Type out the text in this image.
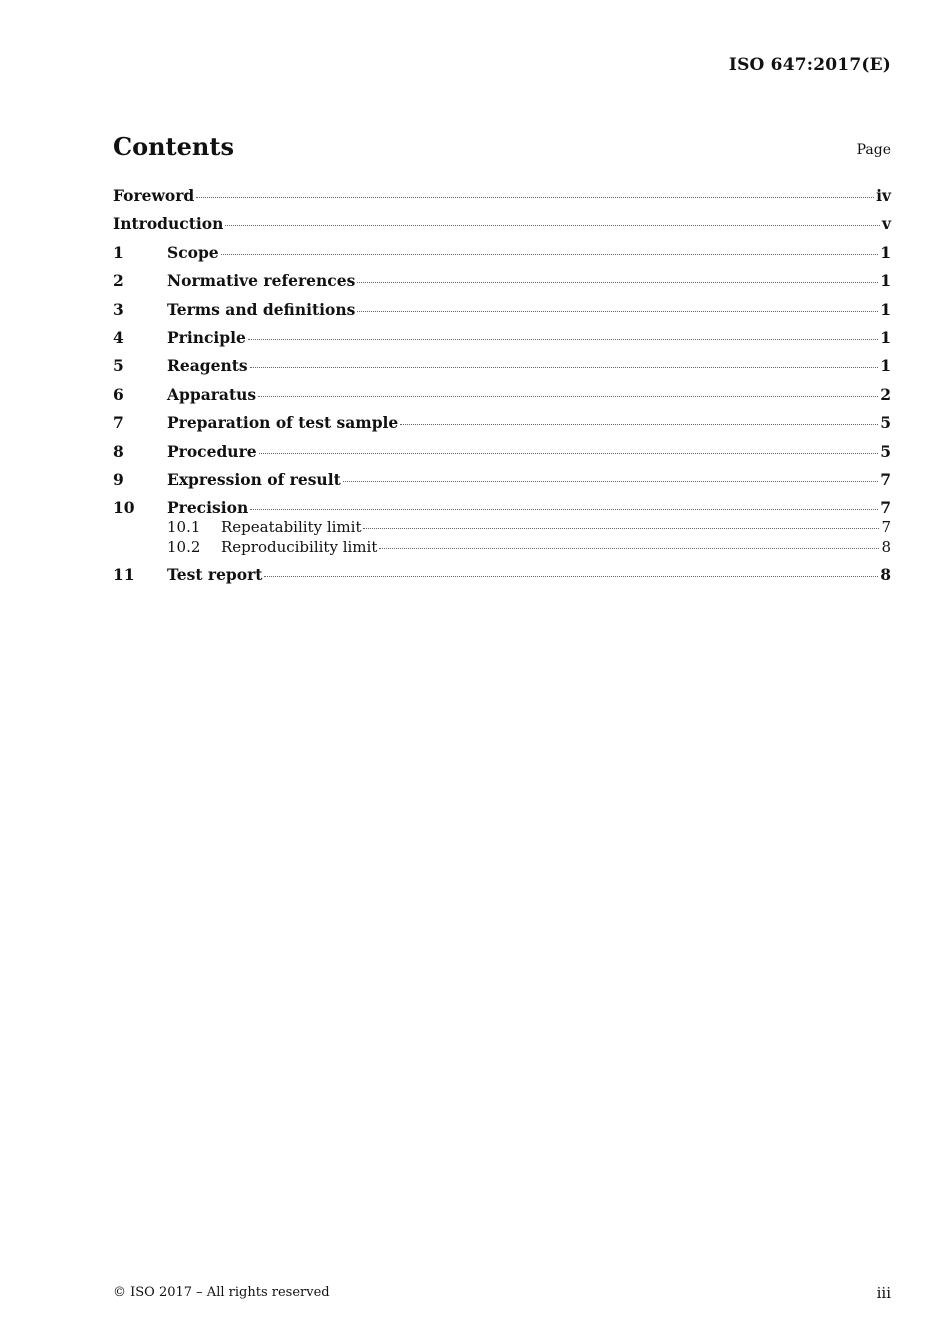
ISO 647:2017(E)
Contents	Page
Foreword	iv
Introduction	v
1	Scope	1
2	Normative references	1
3	Terms and definitions	1
4	Principle	1
5	Reagents	1
6	Apparatus	2
7	Preparation of test sample	5
8	Procedure	5
9	Expression of result	7
10	Precision	7
10.1	Repeatability limit	7
10.2	Reproducibility limit	8
11	Test report	8
© ISO 2017 – All rights reserved	iii
